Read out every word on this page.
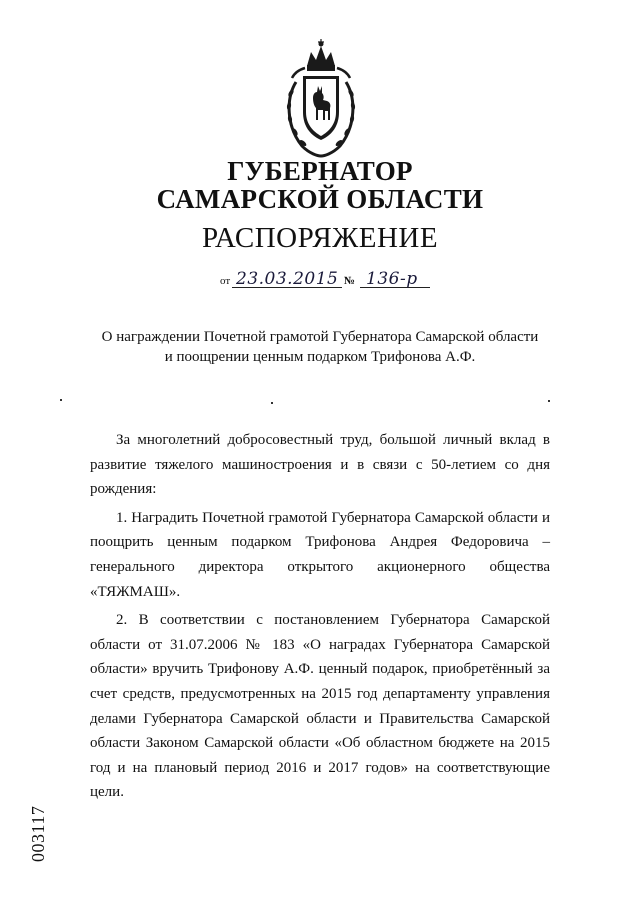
ГУБЕРНАТОР
САМАРСКОЙ ОБЛАСТИ
РАСПОРЯЖЕНИЕ
от 23.03.2015 № 136-р
О награждении Почетной грамотой Губернатора Самарской области
и поощрении ценным подарком Трифонова А.Ф.

За многолетний добросовестный труд, большой личный вклад в развитие тяжелого машиностроения и в связи с 50-летием со дня рождения:

1. Наградить Почетной грамотой Губернатора Самарской области и поощрить ценным подарком Трифонова Андрея Федоровича – генерального директора открытого акционерного общества «ТЯЖМАШ».

2. В соответствии с постановлением Губернатора Самарской области от 31.07.2006 № 183 «О наградах Губернатора Самарской области» вручить Трифонову А.Ф. ценный подарок, приобретённый за счет средств, предусмотренных на 2015 год департаменту управления делами Губернатора Самарской области и Правительства Самарской области Законом Самарской области «Об областном бюджете на 2015 год и на плановый период 2016 и 2017 годов» на соответствующие цели.

003117
